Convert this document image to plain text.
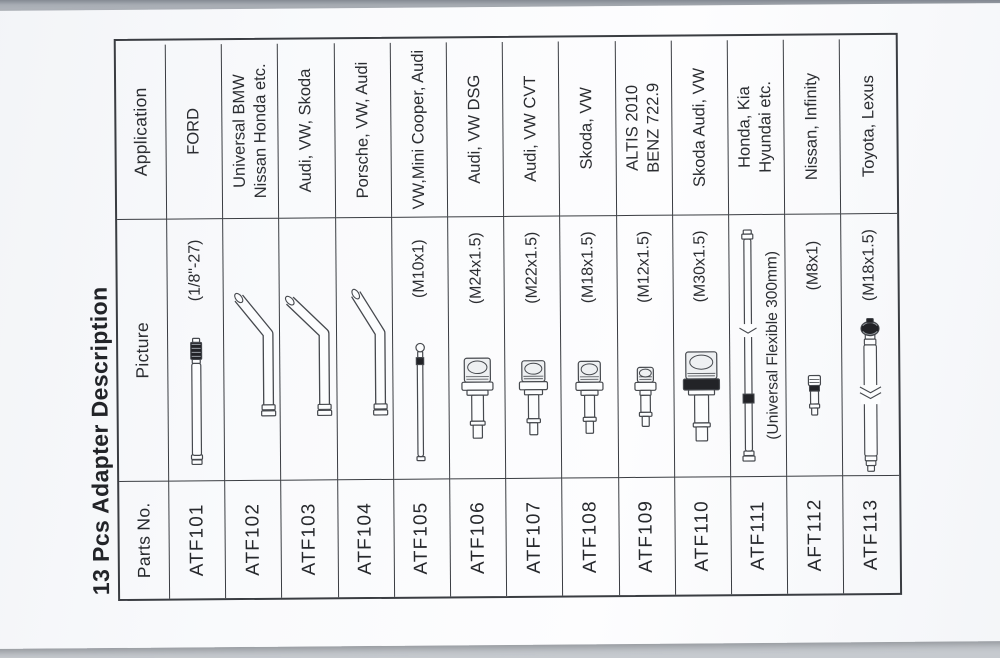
13 Pcs Adapter Description	Parts No.
Picture
Application
ATF101
(1/8"-27)
FORD
ATF102
Universal BMW
Nissan Honda etc.
ATF103
Audi, VW, Skoda
ATF104
Porsche, VW, Audi
ATF105
(M10x1)
VW,Mini Cooper, Audi
ATF106
(M24x1.5)
Audi, VW DSG
ATF107
(M22x1.5)
Audi, VW CVT
ATF108
(M18x1.5)
Skoda, VW
ATF109
(M12x1.5)
ALTIS 2010
BENZ 722.9
ATF110
(M30x1.5)
Skoda Audi, VW
ATF111
(Universal Flexible 300mm)
Honda, Kia
Hyundai etc.
AFT112
(M8x1)
Nissan, Infinity
ATF113
(M18x1.5)
Toyota, Lexus
